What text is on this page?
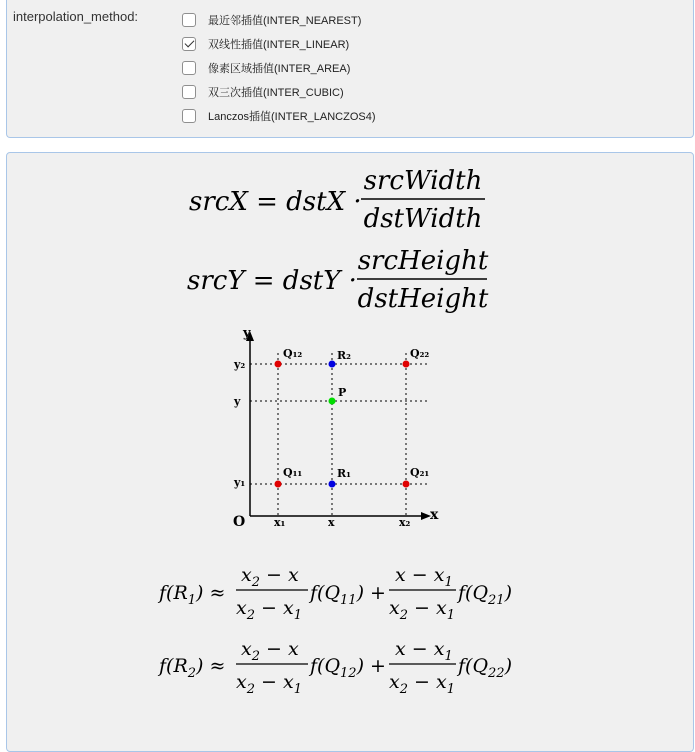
interpolation_method:	最近邻插值(INTER_NEAREST)
双线性插值(INTER_LINEAR)
像素区域插值(INTER_AREA)
双三次插值(INTER_CUBIC)
Lanczos插值(INTER_LANCZOS4)
srcX = dstX ·
srcWidth
dstWidth
srcY = dstY ·
srcHeight
dstHeight
y
x
O	x₁	x	x₂
y₂
y
y₁
Q₁₂	R₂	Q₂₂
P
Q₁₁	R₁	Q₂₁
$f(R_1)$ ≈
$x_2 - x$
$x_2 - x_1$
$f(Q_{11})$ +
$x - x_1$
$x_2 - x_1$
$f(Q_{21})$
$f(R_2)$ ≈
$x_2 - x$
$x_2 - x_1$
$f(Q_{12})$ +
$x - x_1$
$x_2 - x_1$
$f(Q_{22})$
